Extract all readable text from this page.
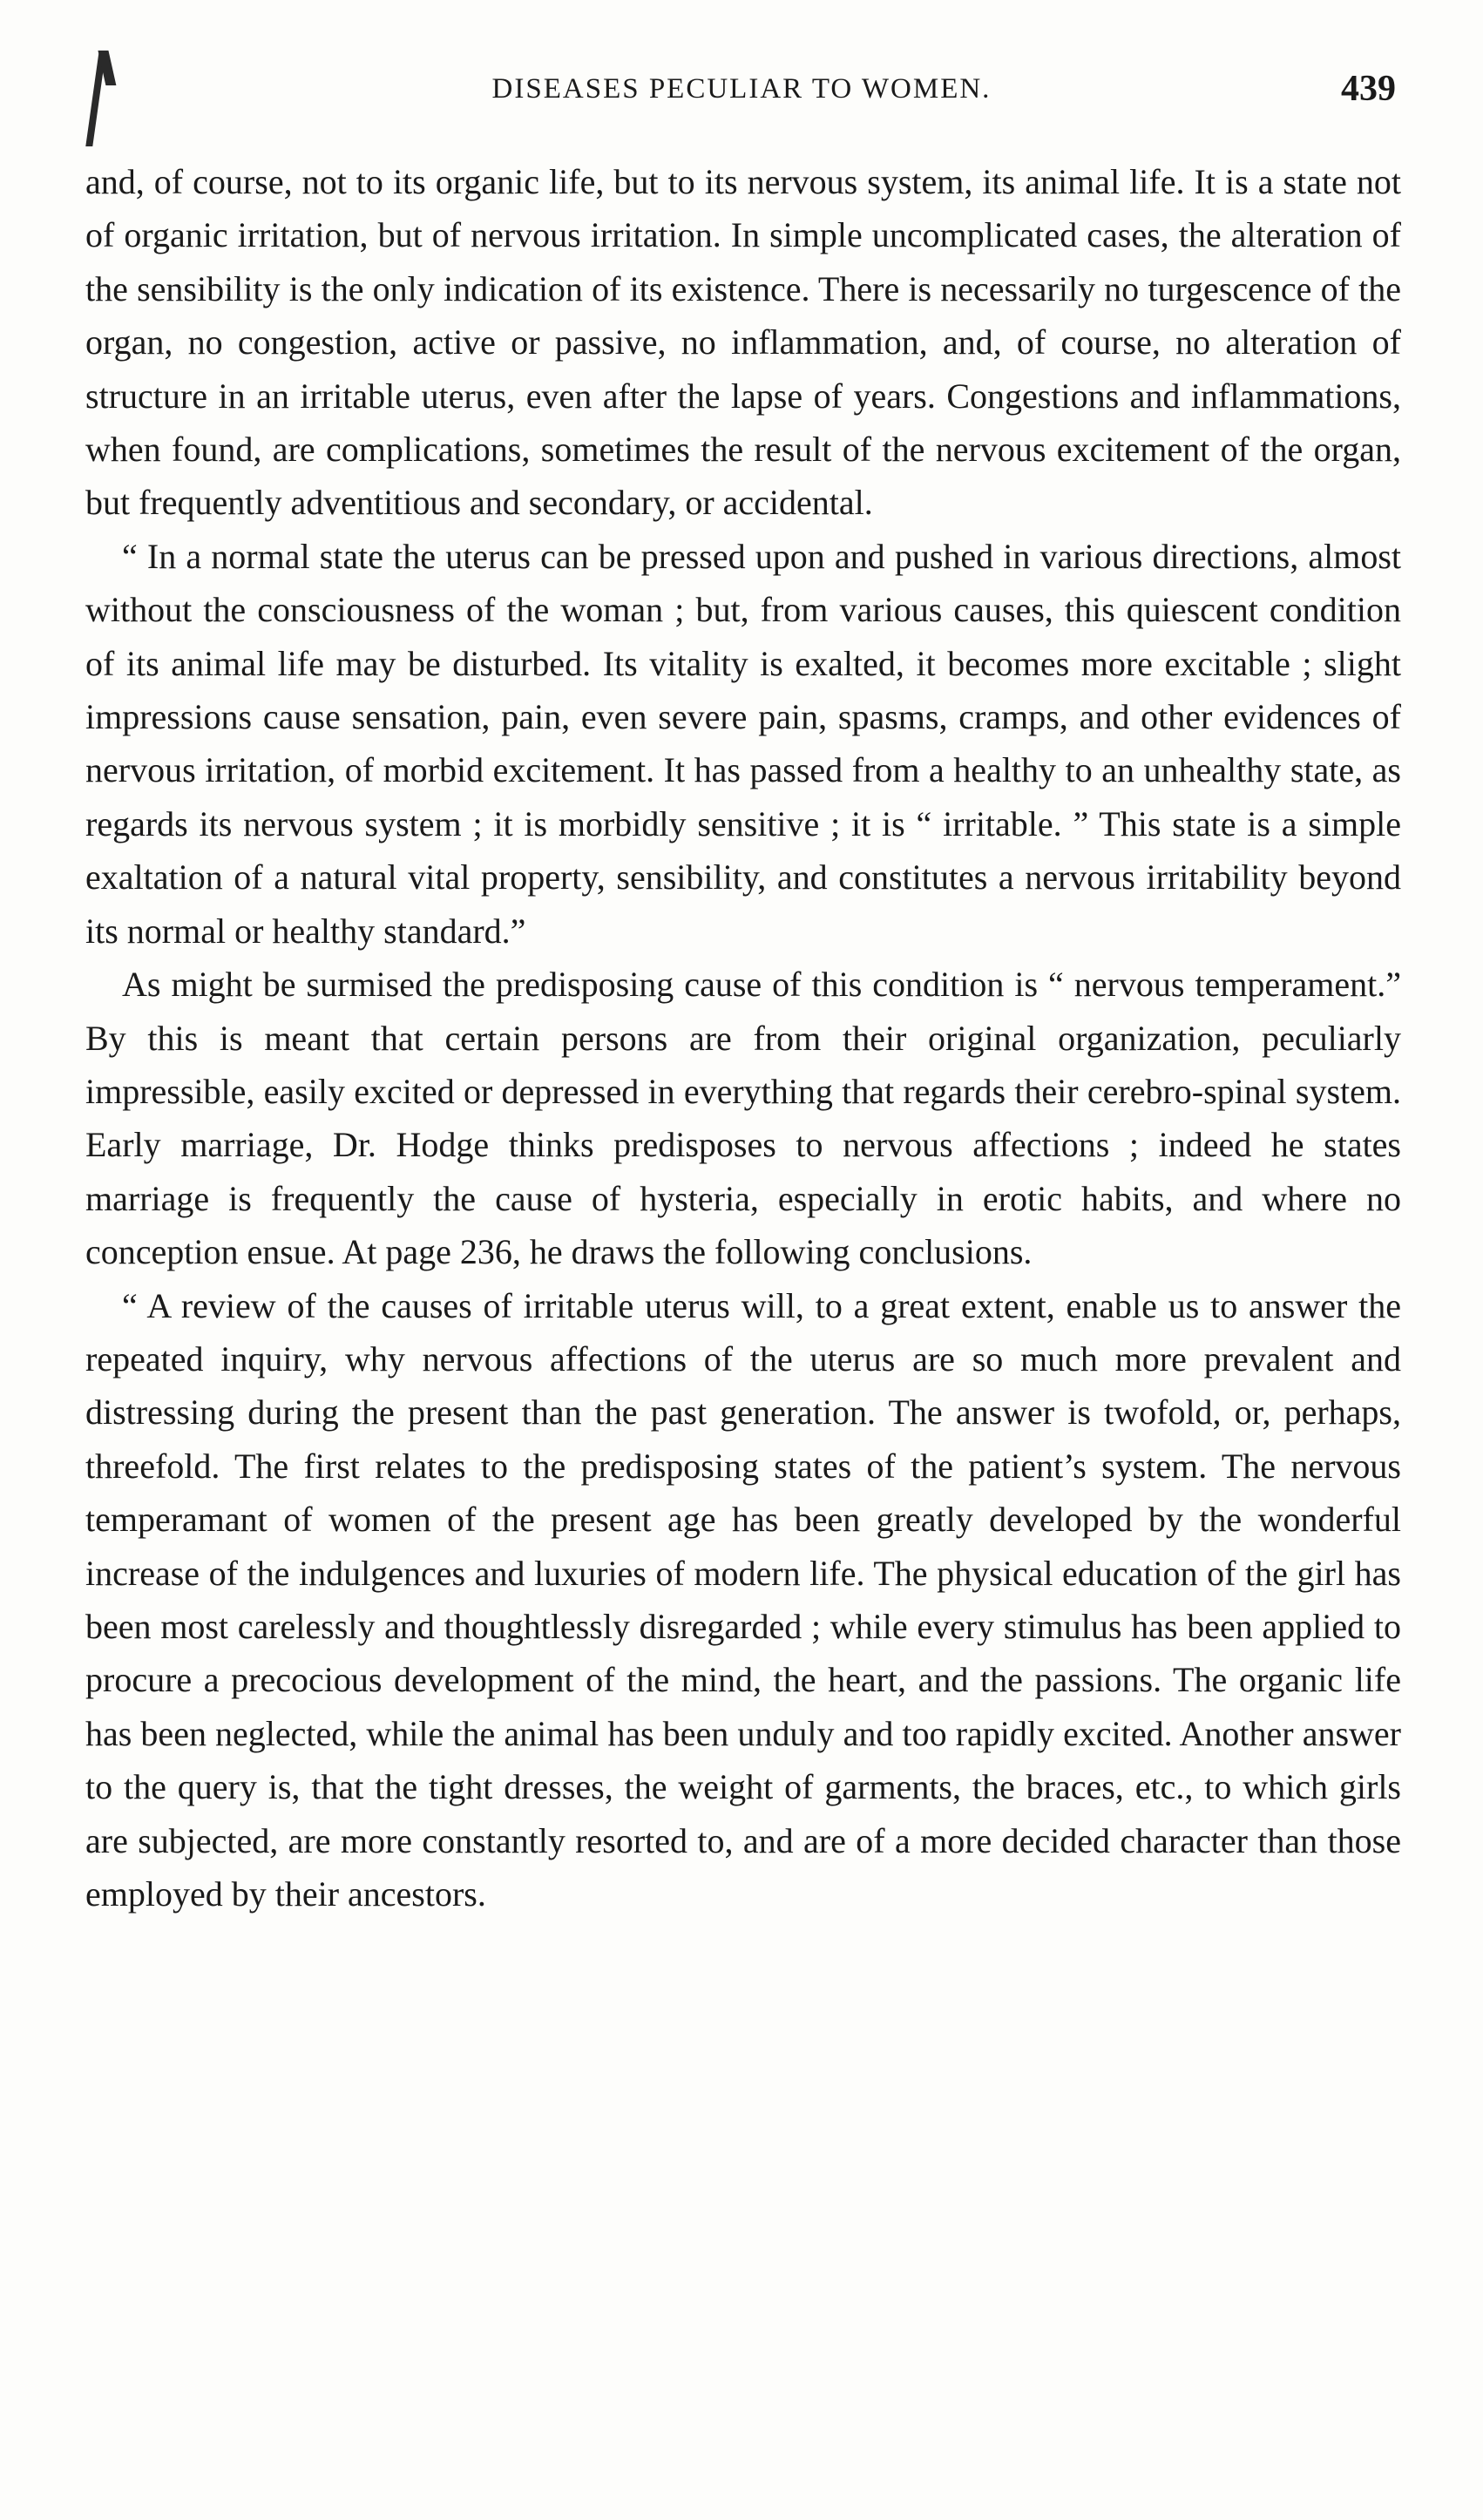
DISEASES PECULIAR TO WOMEN.	439

and, of course, not to its organic life, but to its nervous system, its animal life. It is a state not of organic irritation, but of nervous irritation. In simple uncomplicated cases, the alteration of the sensibility is the only indication of its existence. There is necessarily no turgescence of the organ, no congestion, active or passive, no inflammation, and, of course, no alteration of structure in an irritable uterus, even after the lapse of years. Congestions and inflammations, when found, are complications, sometimes the result of the nervous excitement of the organ, but frequently adventitious and secondary, or accidental.

“ In a normal state the uterus can be pressed upon and pushed in various directions, almost without the consciousness of the woman ; but, from various causes, this quiescent condition of its animal life may be disturbed. Its vitality is exalted, it becomes more excitable ; slight impressions cause sensation, pain, even severe pain, spasms, cramps, and other evidences of nervous irritation, of morbid excitement. It has passed from a healthy to an unhealthy state, as regards its nervous system ; it is morbidly sensitive ; it is “ irritable. ” This state is a simple exaltation of a natural vital property, sensibility, and constitutes a nervous irritability beyond its normal or healthy standard.”

As might be surmised the predisposing cause of this condition is “ nervous temperament.” By this is meant that certain persons are from their original organization, peculiarly impressible, easily excited or depressed in everything that regards their cerebro-spinal system. Early marriage, Dr. Hodge thinks predisposes to nervous affections ; indeed he states marriage is frequently the cause of hysteria, especially in erotic habits, and where no conception ensue. At page 236, he draws the following conclusions.

“ A review of the causes of irritable uterus will, to a great extent, enable us to answer the repeated inquiry, why nervous affections of the uterus are so much more prevalent and distressing during the present than the past generation. The answer is twofold, or, perhaps, threefold. The first relates to the predisposing states of the patient’s system. The nervous temperamant of women of the present age has been greatly developed by the wonderful increase of the indulgences and luxuries of modern life. The physical education of the girl has been most carelessly and thoughtlessly disregarded ; while every stimulus has been applied to procure a precocious development of the mind, the heart, and the passions. The organic life has been neglected, while the animal has been unduly and too rapidly excited. Another answer to the query is, that the tight dresses, the weight of garments, the braces, etc., to which girls are subjected, are more constantly resorted to, and are of a more decided character than those employed by their ancestors.
